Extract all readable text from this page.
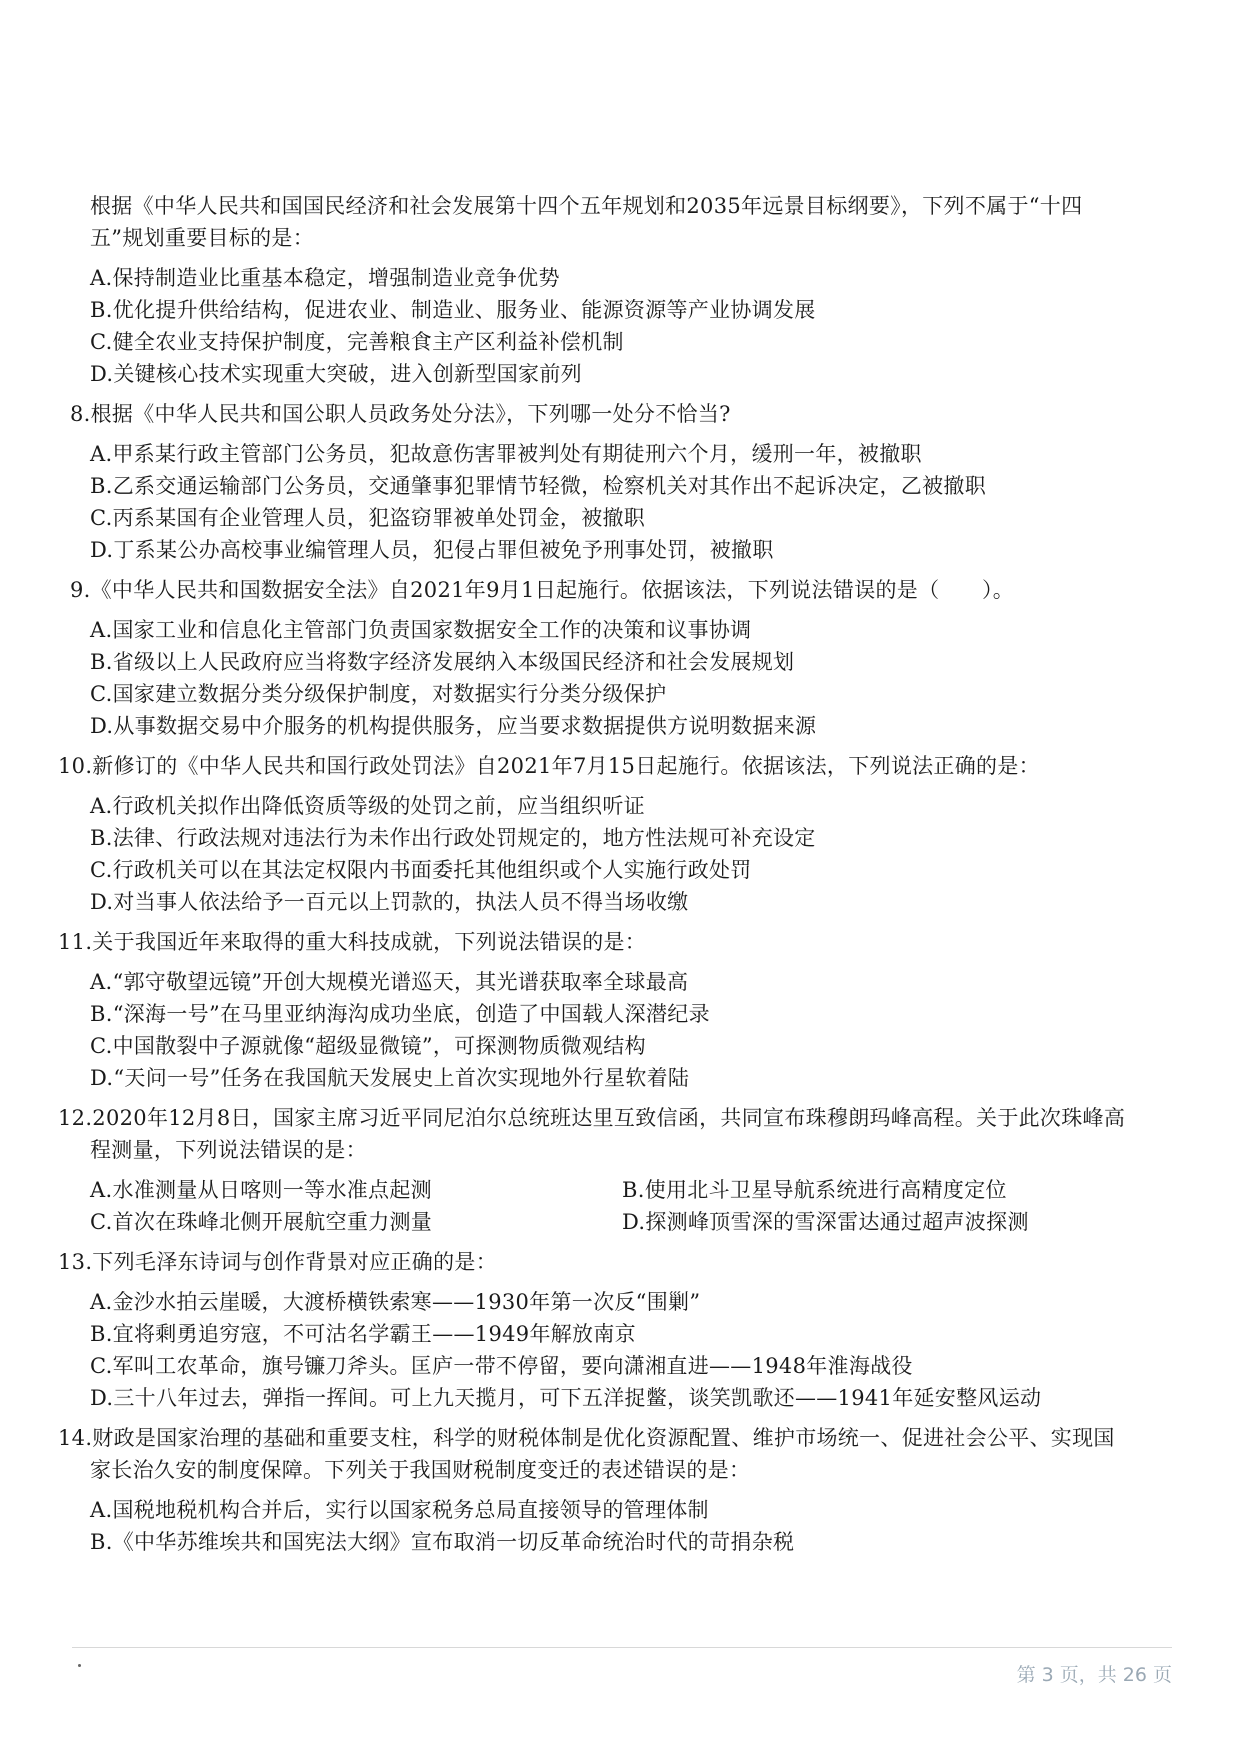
根据《中华人民共和国国民经济和社会发展第十四个五年规划和2035年远景目标纲要》，下列不属于“十四
五”规划重要目标的是：
A.保持制造业比重基本稳定，增强制造业竞争优势
B.优化提升供给结构，促进农业、制造业、服务业、能源资源等产业协调发展
C.健全农业支持保护制度，完善粮食主产区利益补偿机制
D.关键核心技术实现重大突破，进入创新型国家前列
8.根据《中华人民共和国公职人员政务处分法》，下列哪一处分不恰当?
A.甲系某行政主管部门公务员，犯故意伤害罪被判处有期徒刑六个月，缓刑一年，被撤职
B.乙系交通运输部门公务员，交通肇事犯罪情节轻微，检察机关对其作出不起诉决定，乙被撤职
C.丙系某国有企业管理人员，犯盗窃罪被单处罚金，被撤职
D.丁系某公办高校事业编管理人员，犯侵占罪但被免予刑事处罚，被撤职
9.《中华人民共和国数据安全法》自2021年9月1日起施行。依据该法，下列说法错误的是（　　）。
A.国家工业和信息化主管部门负责国家数据安全工作的决策和议事协调
B.省级以上人民政府应当将数字经济发展纳入本级国民经济和社会发展规划
C.国家建立数据分类分级保护制度，对数据实行分类分级保护
D.从事数据交易中介服务的机构提供服务，应当要求数据提供方说明数据来源
10.新修订的《中华人民共和国行政处罚法》自2021年7月15日起施行。依据该法，下列说法正确的是：
A.行政机关拟作出降低资质等级的处罚之前，应当组织听证
B.法律、行政法规对违法行为未作出行政处罚规定的，地方性法规可补充设定
C.行政机关可以在其法定权限内书面委托其他组织或个人实施行政处罚
D.对当事人依法给予一百元以上罚款的，执法人员不得当场收缴
11.关于我国近年来取得的重大科技成就，下列说法错误的是：
A.“郭守敬望远镜”开创大规模光谱巡天，其光谱获取率全球最高
B.“深海一号”在马里亚纳海沟成功坐底，创造了中国载人深潜纪录
C.中国散裂中子源就像“超级显微镜”，可探测物质微观结构
D.“天问一号”任务在我国航天发展史上首次实现地外行星软着陆
12.2020年12月8日，国家主席习近平同尼泊尔总统班达里互致信函，共同宣布珠穆朗玛峰高程。关于此次珠峰高
程测量，下列说法错误的是：
A.水准测量从日喀则一等水准点起测	B.使用北斗卫星导航系统进行高精度定位
C.首次在珠峰北侧开展航空重力测量	D.探测峰顶雪深的雪深雷达通过超声波探测
13.下列毛泽东诗词与创作背景对应正确的是：
A.金沙水拍云崖暖，大渡桥横铁索寒——1930年第一次反“围剿”
B.宜将剩勇追穷寇，不可沽名学霸王——1949年解放南京
C.军叫工农革命，旗号镰刀斧头。匡庐一带不停留，要向潇湘直进——1948年淮海战役
D.三十八年过去，弹指一挥间。可上九天揽月，可下五洋捉鳖，谈笑凯歌还——1941年延安整风运动
14.财政是国家治理的基础和重要支柱，科学的财税体制是优化资源配置、维护市场统一、促进社会公平、实现国
家长治久安的制度保障。下列关于我国财税制度变迁的表述错误的是：
A.国税地税机构合并后，实行以国家税务总局直接领导的管理体制
B.《中华苏维埃共和国宪法大纲》宣布取消一切反革命统治时代的苛捐杂税
第 3 页，共 26 页
